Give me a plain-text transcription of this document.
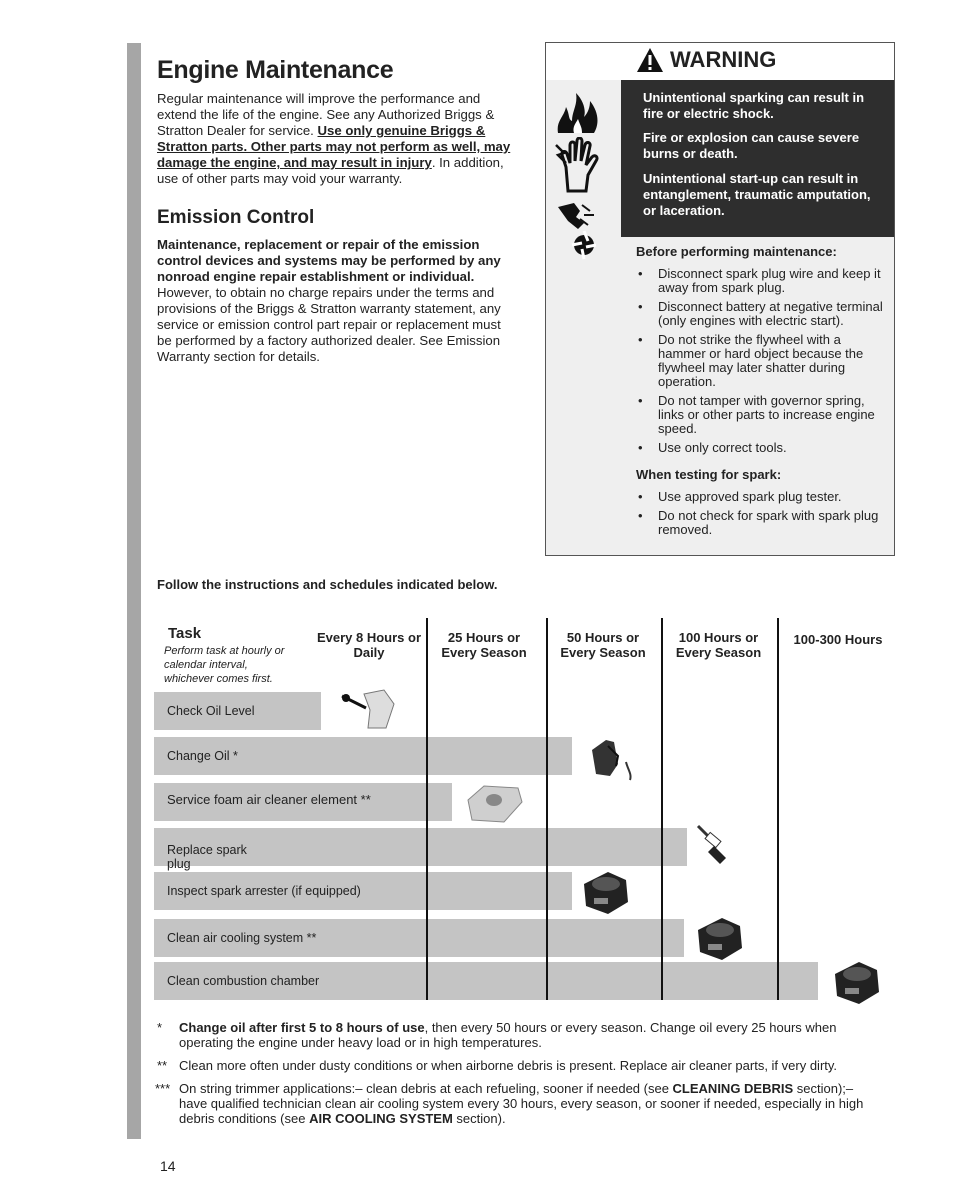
Engine Maintenance

Regular maintenance will improve the performance and extend the life of the engine. See any Authorized Briggs & Stratton Dealer for service. Use only genuine Briggs & Stratton parts. Other parts may not perform as well, may damage the engine, and may result in injury. In addition, use of other parts may void your warranty.

Emission Control

Maintenance, replacement or repair of the emission control devices and systems may be performed by any nonroad engine repair establishment or individual. However, to obtain no charge repairs under the terms and provisions of the Briggs & Stratton warranty statement, any service or emission control part repair or replacement must be performed by a factory authorized dealer. See Emission Warranty section for details.

WARNING

Unintentional sparking can result in fire or electric shock.

Fire or explosion can cause severe burns or death.

Unintentional start-up can result in entanglement, traumatic amputation, or laceration.

Before performing maintenance:

• Disconnect spark plug wire and keep it away from spark plug.
• Disconnect battery at negative terminal (only engines with electric start).
• Do not strike the flywheel with a hammer or hard object because the flywheel may later shatter during operation.
• Do not tamper with governor spring, links or other parts to increase engine speed.
• Use only correct tools.

When testing for spark:

• Use approved spark plug tester.
• Do not check for spark with spark plug removed.
Follow the instructions and schedules indicated below.
Task
Perform task at hourly or calendar interval, whichever comes first.
Every 8 Hours or Daily
25 Hours or Every Season
50 Hours or Every Season
100 Hours or Every Season
100-300 Hours
Check Oil Level
Change Oil *
Service foam air cleaner element **
Replace spark plug
Inspect spark arrester (if equipped)
Clean air cooling system **
Clean combustion chamber
* Change oil after first 5 to 8 hours of use, then every 50 hours or every season. Change oil every 25 hours when operating the engine under heavy load or in high temperatures.
** Clean more often under dusty conditions or when airborne debris is present. Replace air cleaner parts, if very dirty.
*** On string trimmer applications:– clean debris at each refueling, sooner if needed (see CLEANING DEBRIS section);– have qualified technician clean air cooling system every 30 hours, every season, or sooner if needed, especially in high debris conditions (see AIR COOLING SYSTEM section).
14
